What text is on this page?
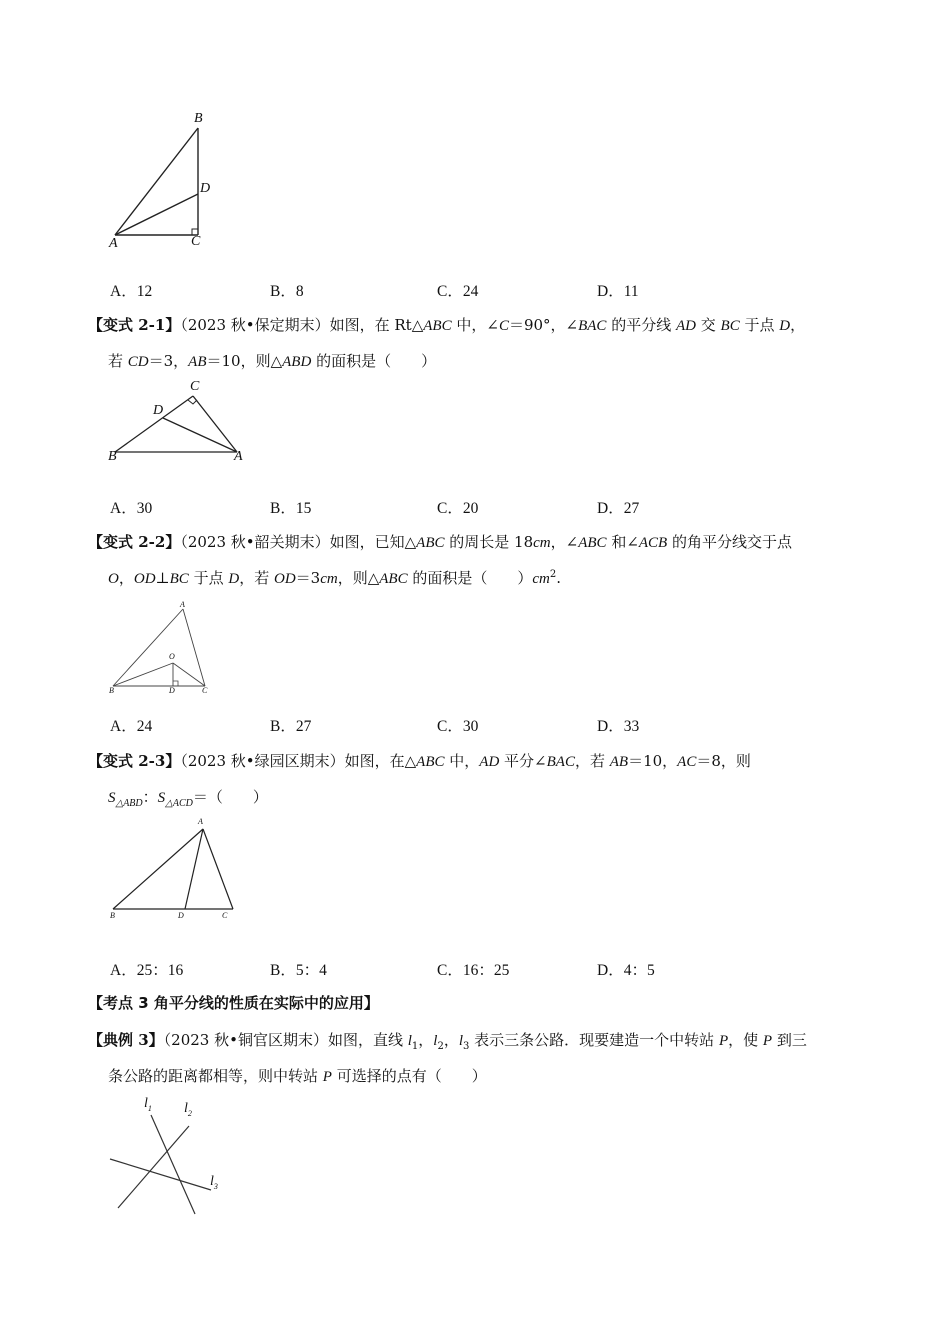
B
D
A	C
A．12	B．8	C．24	D．11
【变式 2-1】（2023 秋•保定期末）如图，在 Rt△ABC 中，∠C＝90°，∠BAC 的平分线 AD 交 BC 于点 D，
若 CD＝3，AB＝10，则△ABD 的面积是（　　）
C
D
B	A
A．30	B．15	C．20	D．27
【变式 2-2】（2023 秋•韶关期末）如图，已知△ABC 的周长是 18cm，∠ABC 和∠ACB 的角平分线交于点
O，OD⊥BC 于点 D，若 OD＝3cm，则△ABC 的面积是（　　）$cm^2$.
A
O
B	D	C
A．24	B．27	C．30	D．33
【变式 2-3】（2023 秋•绿园区期末）如图，在△ABC 中，AD 平分∠BAC，若 AB＝10，AC＝8，则
$S_{\triangle ABD}$：$S_{\triangle ACD}=$（　　）
A
B	D	C
A．25：16	B．5：4	C．16：25	D．4：5
【考点 3 角平分线的性质在实际中的应用】
【典例 3】（2023 秋•铜官区期末）如图，直线 $l_1$，$l_2$，$l_3$ 表示三条公路．现要建造一个中转站 P，使 P 到三
条公路的距离都相等，则中转站 P 可选择的点有（　　）
$l_1$ $l_2$
$l_3$
